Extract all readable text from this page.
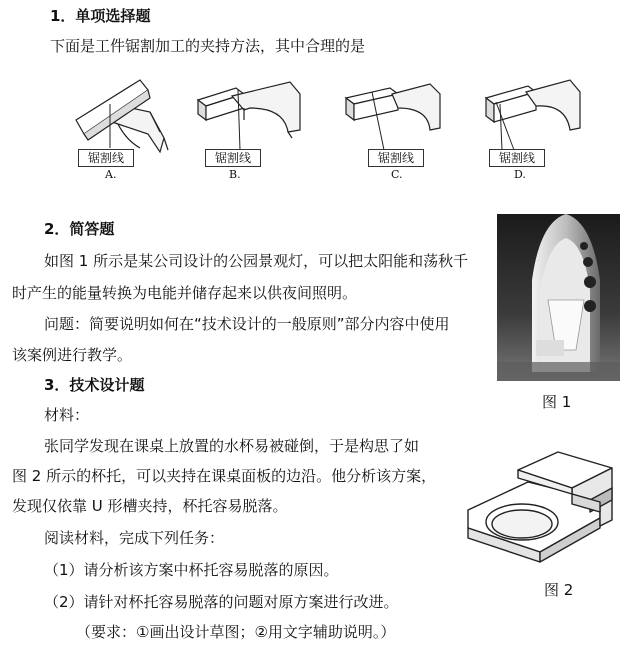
1．单项选择题
下面是工件锯割加工的夹持方法，其中合理的是
锯割线
A.
锯割线
B.
锯割线
C.
锯割线
D.
2．简答题
如图 1 所示是某公司设计的公园景观灯，可以把太阳能和荡秋千
时产生的能量转换为电能并储存起来以供夜间照明。
问题：简要说明如何在“技术设计的一般原则”部分内容中使用
该案例进行教学。
图 1
3．技术设计题
材料：
张同学发现在课桌上放置的水杯易被碰倒，于是构思了如
图 2 所示的杯托，可以夹持在课桌面板的边沿。他分析该方案，
发现仅依靠 U 形槽夹持，杯托容易脱落。
阅读材料，完成下列任务：
（1）请分析该方案中杯托容易脱落的原因。
（2）请针对杯托容易脱落的问题对原方案进行改进。
（要求：①画出设计草图；②用文字辅助说明。）
图 2
